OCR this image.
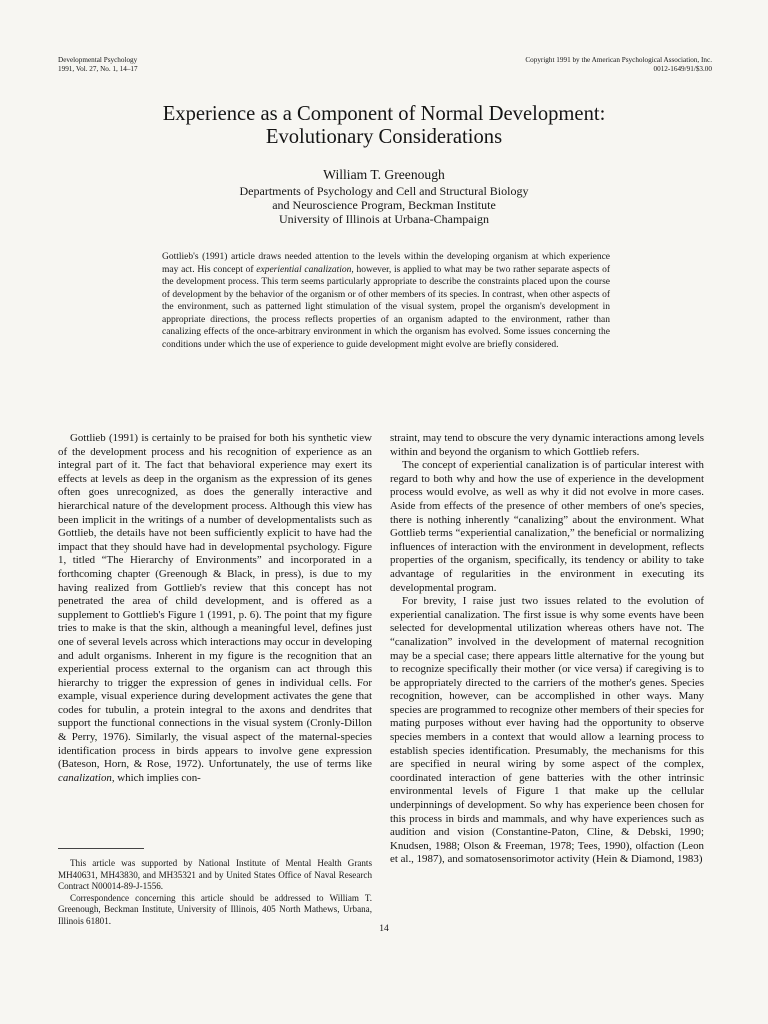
Developmental Psychology
1991, Vol. 27, No. 1, 14–17
Copyright 1991 by the American Psychological Association, Inc.
0012-1649/91/$3.00
Experience as a Component of Normal Development:
Evolutionary Considerations
William T. Greenough
Departments of Psychology and Cell and Structural Biology
and Neuroscience Program, Beckman Institute
University of Illinois at Urbana-Champaign
Gottlieb's (1991) article draws needed attention to the levels within the developing organism at which experience may act. His concept of experiential canalization, however, is applied to what may be two rather separate aspects of the development process. This term seems particularly appropriate to describe the constraints placed upon the course of development by the behavior of the organism or of other members of its species. In contrast, when other aspects of the environment, such as patterned light stimulation of the visual system, propel the organism's development in appropriate directions, the process reflects properties of an organism adapted to the environment, rather than canalizing effects of the once-arbitrary environment in which the organism has evolved. Some issues concerning the conditions under which the use of experience to guide development might evolve are briefly considered.

Gottlieb (1991) is certainly to be praised for both his synthetic view of the development process and his recognition of experience as an integral part of it. The fact that behavioral experience may exert its effects at levels as deep in the organism as the expression of its genes often goes unrecognized, as does the generally interactive and hierarchical nature of the development process. Although this view has been implicit in the writings of a number of developmentalists such as Gottlieb, the details have not been sufficiently explicit to have had the impact that they should have had in developmental psychology. Figure 1, titled “The Hierarchy of Environments” and incorporated in a forthcoming chapter (Greenough & Black, in press), is due to my having realized from Gottlieb's review that this concept has not penetrated the area of child development, and is offered as a supplement to Gottlieb's Figure 1 (1991, p. 6). The point that my figure tries to make is that the skin, although a meaningful level, defines just one of several levels across which interactions may occur in developing and adult organisms. Inherent in my figure is the recognition that an experiential process external to the organism can act through this hierarchy to trigger the expression of genes in individual cells. For example, visual experience during development activates the gene that codes for tubulin, a protein integral to the axons and dendrites that support the functional connections in the visual system (Cronly-Dillon & Perry, 1976). Similarly, the visual aspect of the maternal-species identification process in birds appears to involve gene expression (Bateson, Horn, & Rose, 1972). Unfortunately, the use of terms like canalization, which implies con-

straint, may tend to obscure the very dynamic interactions among levels within and beyond the organism to which Gottlieb refers.

The concept of experiential canalization is of particular interest with regard to both why and how the use of experience in the development process would evolve, as well as why it did not evolve in more cases. Aside from effects of the presence of other members of one's species, there is nothing inherently “canalizing” about the environment. What Gottlieb terms “experiential canalization,” the beneficial or normalizing influences of interaction with the environment in development, reflects properties of the organism, specifically, its tendency or ability to take advantage of regularities in the environment in executing its developmental program.

For brevity, I raise just two issues related to the evolution of experiential canalization. The first issue is why some events have been selected for developmental utilization whereas others have not. The “canalization” involved in the development of maternal recognition may be a special case; there appears little alternative for the young but to recognize specifically their mother (or vice versa) if caregiving is to be appropriately directed to the carriers of the mother's genes. Species recognition, however, can be accomplished in other ways. Many species are programmed to recognize other members of their species for mating purposes without ever having had the opportunity to observe species members in a context that would allow a learning process to establish species identification. Presumably, the mechanisms for this are specified in neural wiring by some aspect of the complex, coordinated interaction of gene batteries with the other intrinsic environmental levels of Figure 1 that make up the cellular underpinnings of development. So why has experience been chosen for this process in birds and mammals, and why have experiences such as audition and vision (Constantine-Paton, Cline, & Debski, 1990; Knudsen, 1988; Olson & Freeman, 1978; Tees, 1990), olfaction (Leon et al., 1987), and somatosensorimotor activity (Hein & Diamond, 1983)

This article was supported by National Institute of Mental Health Grants MH40631, MH43830, and MH35321 and by United States Office of Naval Research Contract N00014-89-J-1556.

Correspondence concerning this article should be addressed to William T. Greenough, Beckman Institute, University of Illinois, 405 North Mathews, Urbana, Illinois 61801.

14
